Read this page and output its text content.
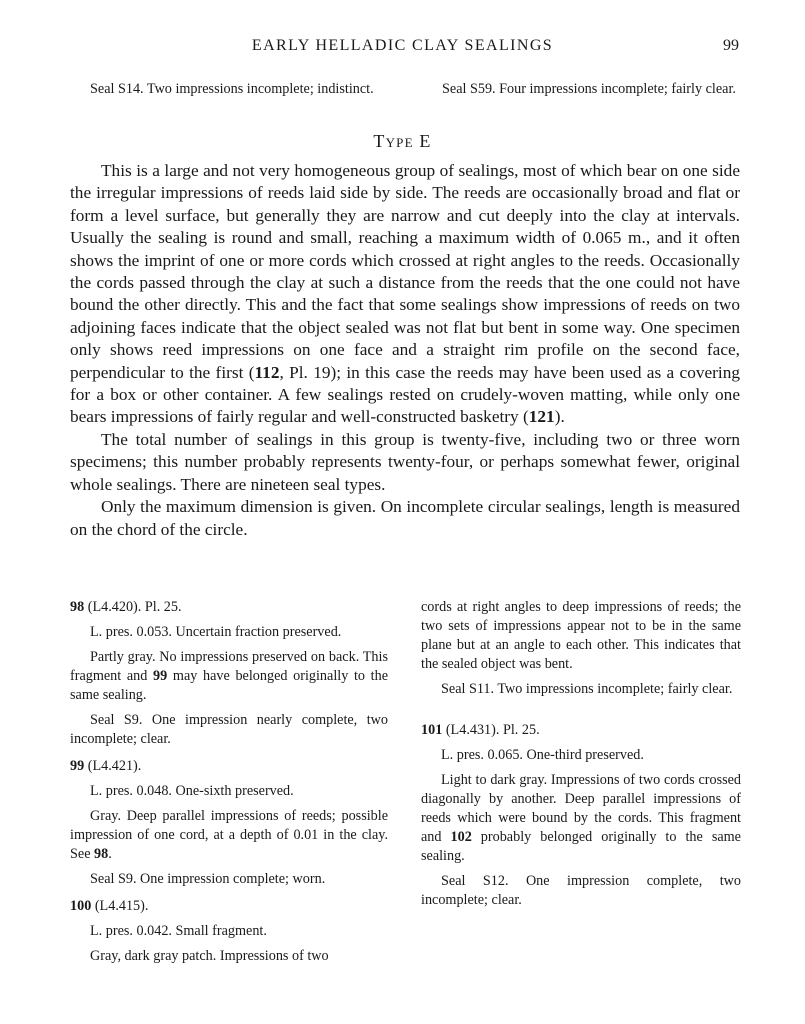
EARLY HELLADIC CLAY SEALINGS	99

Seal S14. Two impressions incomplete; indistinct.	Seal S59. Four impressions incomplete; fairly clear.

Type E

This is a large and not very homogeneous group of sealings, most of which bear on one side the irregular impressions of reeds laid side by side. The reeds are occasionally broad and flat or form a level surface, but generally they are narrow and cut deeply into the clay at intervals. Usually the sealing is round and small, reaching a maximum width of 0.065 m., and it often shows the imprint of one or more cords which crossed at right angles to the reeds. Occasionally the cords passed through the clay at such a distance from the reeds that the one could not have bound the other directly. This and the fact that some sealings show impressions of reeds on two adjoining faces indicate that the object sealed was not flat but bent in some way. One specimen only shows reed impressions on one face and a straight rim profile on the second face, perpendicular to the first (112, Pl. 19); in this case the reeds may have been used as a covering for a box or other container. A few sealings rested on crudely-woven matting, while only one bears impressions of fairly regular and well-constructed basketry (121).

The total number of sealings in this group is twenty-five, including two or three worn specimens; this number probably represents twenty-four, or perhaps somewhat fewer, original whole sealings. There are nineteen seal types.

Only the maximum dimension is given. On incomplete circular sealings, length is measured on the chord of the circle.

98 (L4.420). Pl. 25.

L. pres. 0.053. Uncertain fraction preserved.

Partly gray. No impressions preserved on back. This fragment and 99 may have belonged originally to the same sealing.

Seal S9. One impression nearly complete, two incomplete; clear.

99 (L4.421).

L. pres. 0.048. One-sixth preserved.

Gray. Deep parallel impressions of reeds; possible impression of one cord, at a depth of 0.01 in the clay. See 98.

Seal S9. One impression complete; worn.

100 (L4.415).

L. pres. 0.042. Small fragment.

Gray, dark gray patch. Impressions of two

cords at right angles to deep impressions of reeds; the two sets of impressions appear not to be in the same plane but at an angle to each other. This indicates that the sealed object was bent.

Seal S11. Two impressions incomplete; fairly clear.

101 (L4.431). Pl. 25.

L. pres. 0.065. One-third preserved.

Light to dark gray. Impressions of two cords crossed diagonally by another. Deep parallel impressions of reeds which were bound by the cords. This fragment and 102 probably belonged originally to the same sealing.

Seal S12. One impression complete, two incomplete; clear.
